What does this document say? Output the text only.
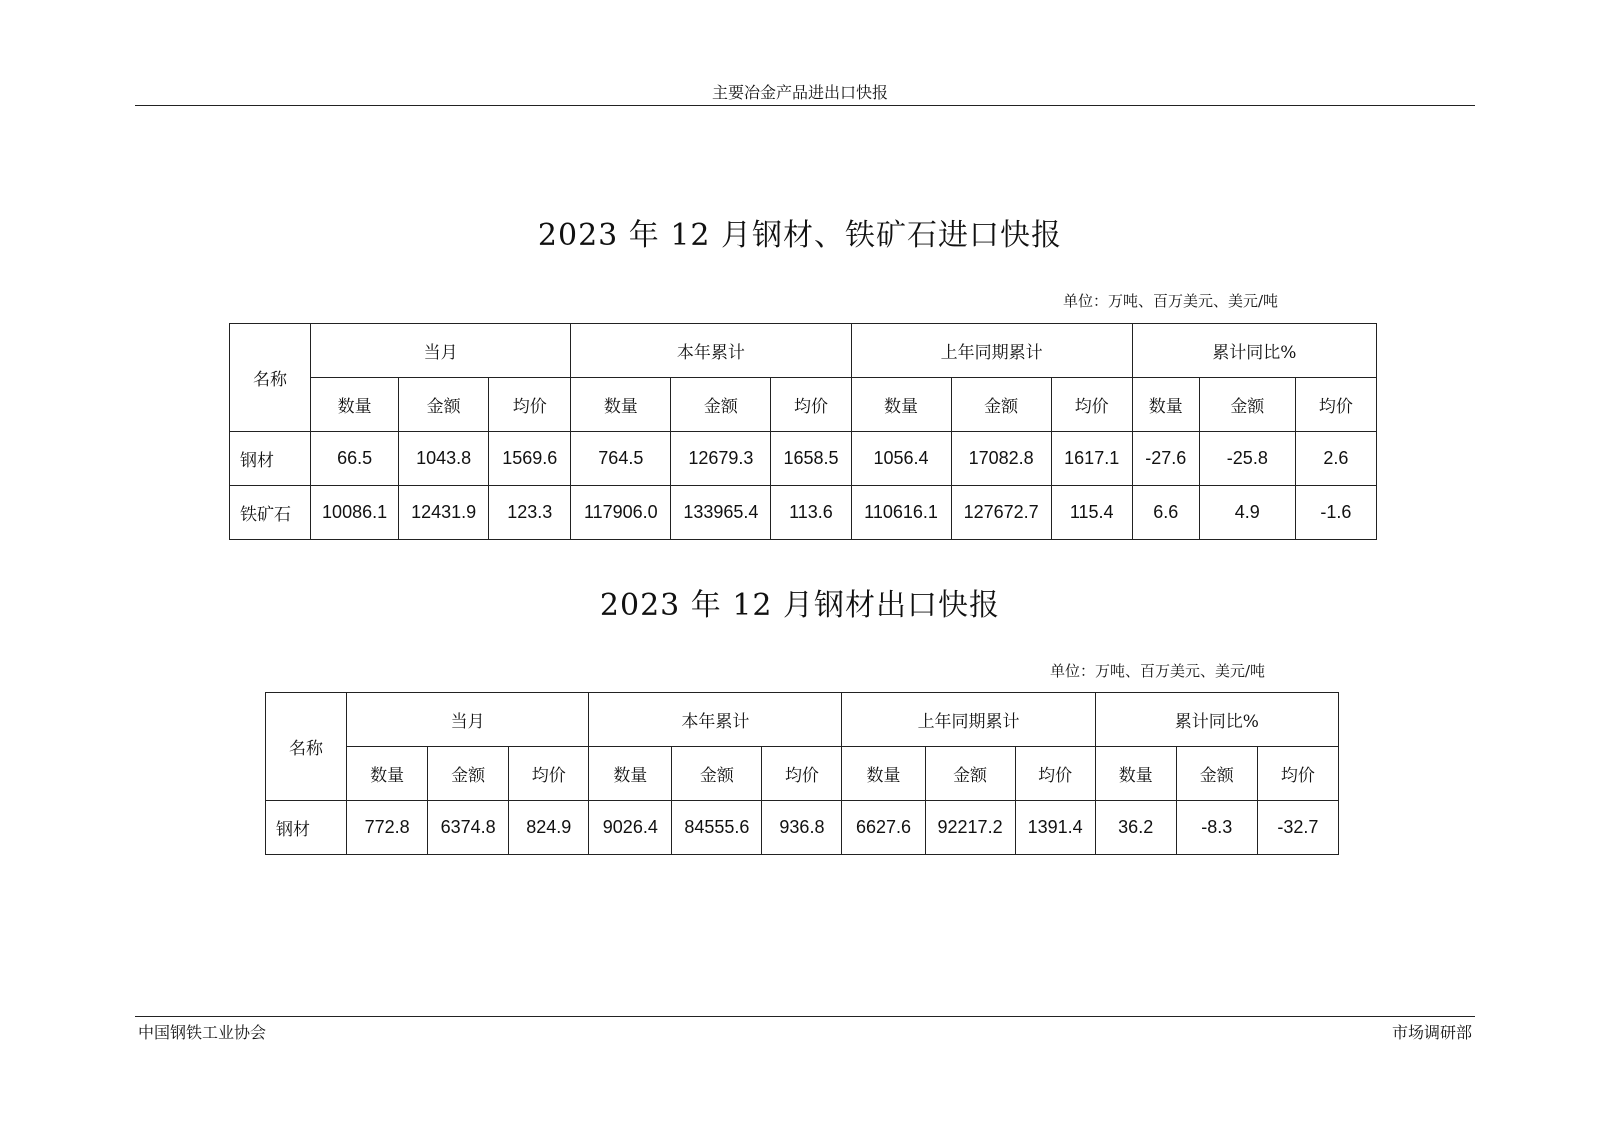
主要冶金产品进出口快报
2023 年 12 月钢材、铁矿石进口快报
单位：万吨、百万美元、美元/吨
名称	当月			本年累计			上年同期累计			累计同比%		
	数量	金额	均价	数量	金额	均价	数量	金额	均价	数量	金额	均价
钢材	66.5	1043.8	1569.6	764.5	12679.3	1658.5	1056.4	17082.8	1617.1	-27.6	-25.8	2.6
铁矿石	10086.1	12431.9	123.3	117906.0	133965.4	113.6	110616.1	127672.7	115.4	6.6	4.9	-1.6
2023 年 12 月钢材出口快报
单位：万吨、百万美元、美元/吨
名称	当月			本年累计			上年同期累计			累计同比%		
	数量	金额	均价	数量	金额	均价	数量	金额	均价	数量	金额	均价
钢材	772.8	6374.8	824.9	9026.4	84555.6	936.8	6627.6	92217.2	1391.4	36.2	-8.3	-32.7
中国钢铁工业协会	市场调研部
